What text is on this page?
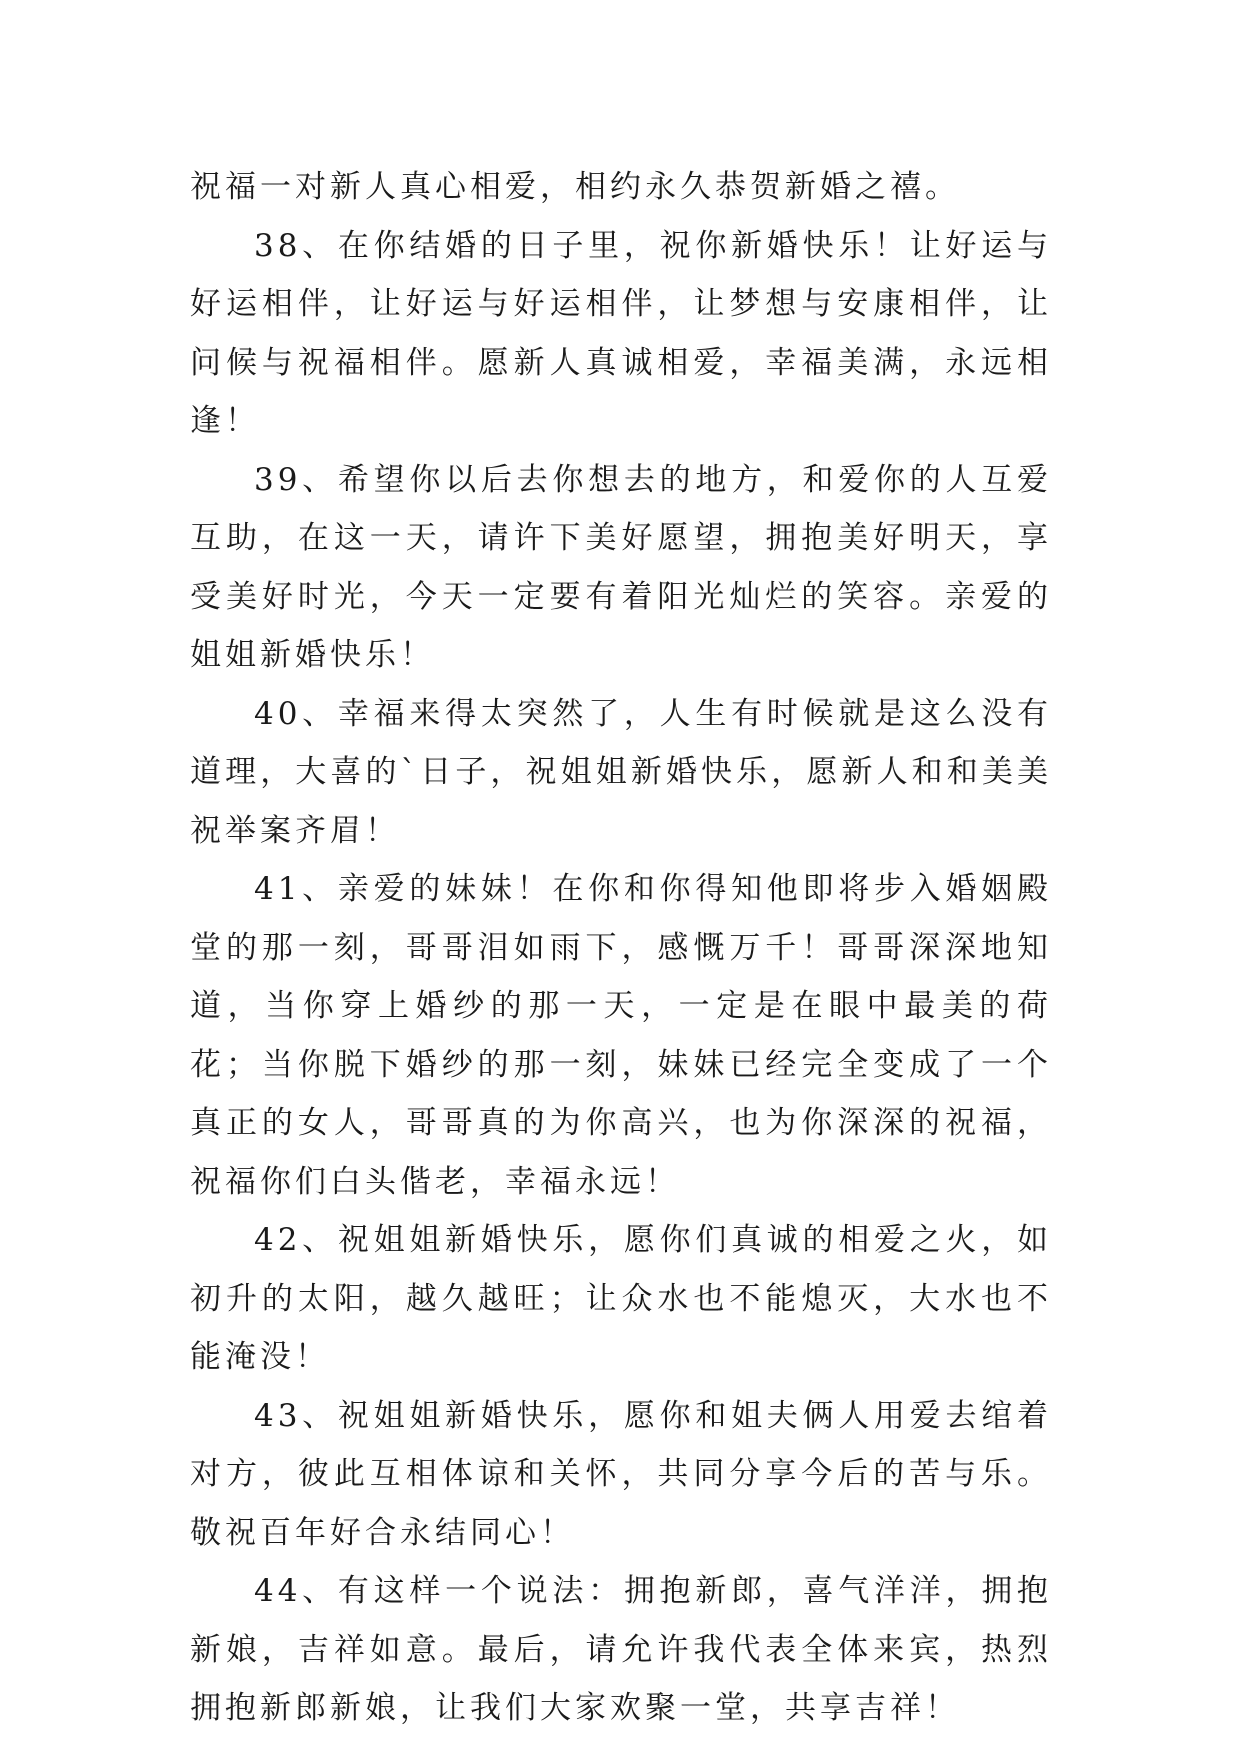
祝福一对新人真心相爱，相约永久恭贺新婚之禧。

38、在你结婚的日子里，祝你新婚快乐！让好运与好运相伴，让好运与好运相伴，让梦想与安康相伴，让问候与祝福相伴。愿新人真诚相爱，幸福美满，永远相逢！

39、希望你以后去你想去的地方，和爱你的人互爱互助，在这一天，请许下美好愿望，拥抱美好明天，享受美好时光，今天一定要有着阳光灿烂的笑容。亲爱的姐姐新婚快乐！

40、幸福来得太突然了，人生有时候就是这么没有道理，大喜的`日子，祝姐姐新婚快乐，愿新人和和美美祝举案齐眉！

41、亲爱的妹妹！在你和你得知他即将步入婚姻殿堂的那一刻，哥哥泪如雨下，感慨万千！哥哥深深地知道，当你穿上婚纱的那一天，一定是在眼中最美的荷花；当你脱下婚纱的那一刻，妹妹已经完全变成了一个真正的女人，哥哥真的为你高兴，也为你深深的祝福，祝福你们白头偕老，幸福永远！

42、祝姐姐新婚快乐，愿你们真诚的相爱之火，如初升的太阳，越久越旺；让众水也不能熄灭，大水也不能淹没！

43、祝姐姐新婚快乐，愿你和姐夫俩人用爱去绾着对方，彼此互相体谅和关怀，共同分享今后的苦与乐。敬祝百年好合永结同心！

44、有这样一个说法：拥抱新郎，喜气洋洋，拥抱新娘，吉祥如意。最后，请允许我代表全体来宾，热烈拥抱新郎新娘，让我们大家欢聚一堂，共享吉祥！
